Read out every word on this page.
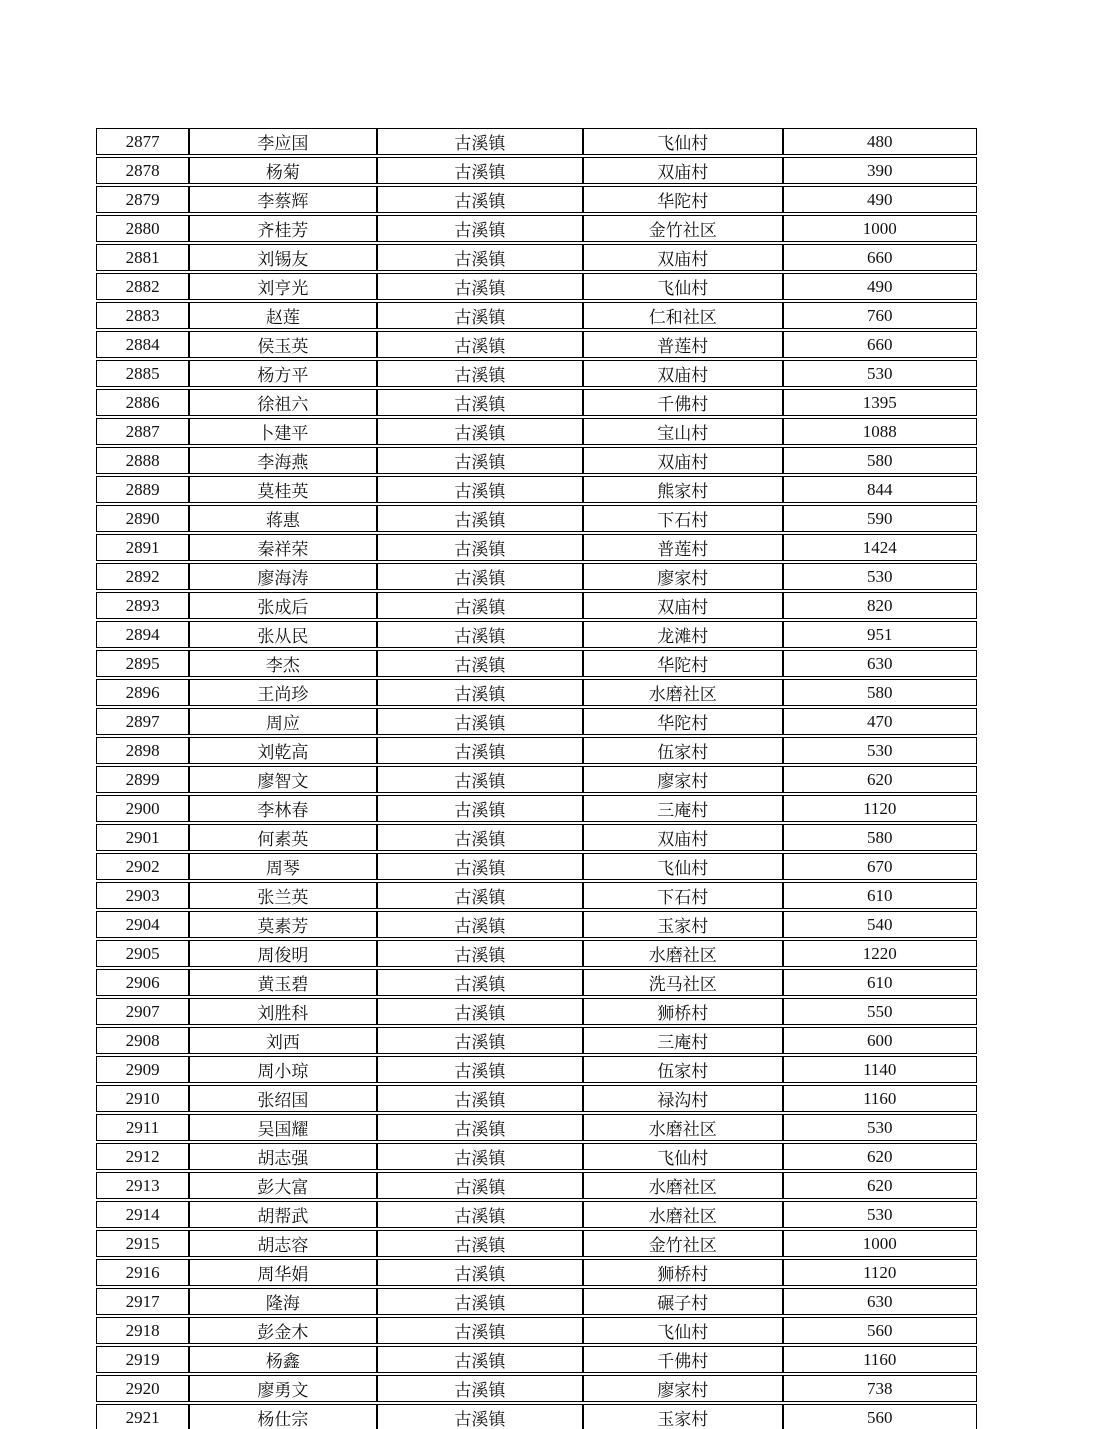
2877	李应国	古溪镇	飞仙村	480
2878	杨菊	古溪镇	双庙村	390
2879	李蔡辉	古溪镇	华陀村	490
2880	齐桂芳	古溪镇	金竹社区	1000
2881	刘锡友	古溪镇	双庙村	660
2882	刘亨光	古溪镇	飞仙村	490
2883	赵莲	古溪镇	仁和社区	760
2884	侯玉英	古溪镇	普莲村	660
2885	杨方平	古溪镇	双庙村	530
2886	徐祖六	古溪镇	千佛村	1395
2887	卜建平	古溪镇	宝山村	1088
2888	李海燕	古溪镇	双庙村	580
2889	莫桂英	古溪镇	熊家村	844
2890	蒋惠	古溪镇	下石村	590
2891	秦祥荣	古溪镇	普莲村	1424
2892	廖海涛	古溪镇	廖家村	530
2893	张成后	古溪镇	双庙村	820
2894	张从民	古溪镇	龙滩村	951
2895	李杰	古溪镇	华陀村	630
2896	王尚珍	古溪镇	水磨社区	580
2897	周应	古溪镇	华陀村	470
2898	刘乾高	古溪镇	伍家村	530
2899	廖智文	古溪镇	廖家村	620
2900	李林春	古溪镇	三庵村	1120
2901	何素英	古溪镇	双庙村	580
2902	周琴	古溪镇	飞仙村	670
2903	张兰英	古溪镇	下石村	610
2904	莫素芳	古溪镇	玉家村	540
2905	周俊明	古溪镇	水磨社区	1220
2906	黄玉碧	古溪镇	洗马社区	610
2907	刘胜科	古溪镇	狮桥村	550
2908	刘西	古溪镇	三庵村	600
2909	周小琼	古溪镇	伍家村	1140
2910	张绍国	古溪镇	禄沟村	1160
2911	吴国耀	古溪镇	水磨社区	530
2912	胡志强	古溪镇	飞仙村	620
2913	彭大富	古溪镇	水磨社区	620
2914	胡帮武	古溪镇	水磨社区	530
2915	胡志容	古溪镇	金竹社区	1000
2916	周华娟	古溪镇	狮桥村	1120
2917	隆海	古溪镇	碾子村	630
2918	彭金木	古溪镇	飞仙村	560
2919	杨鑫	古溪镇	千佛村	1160
2920	廖勇文	古溪镇	廖家村	738
2921	杨仕宗	古溪镇	玉家村	560
